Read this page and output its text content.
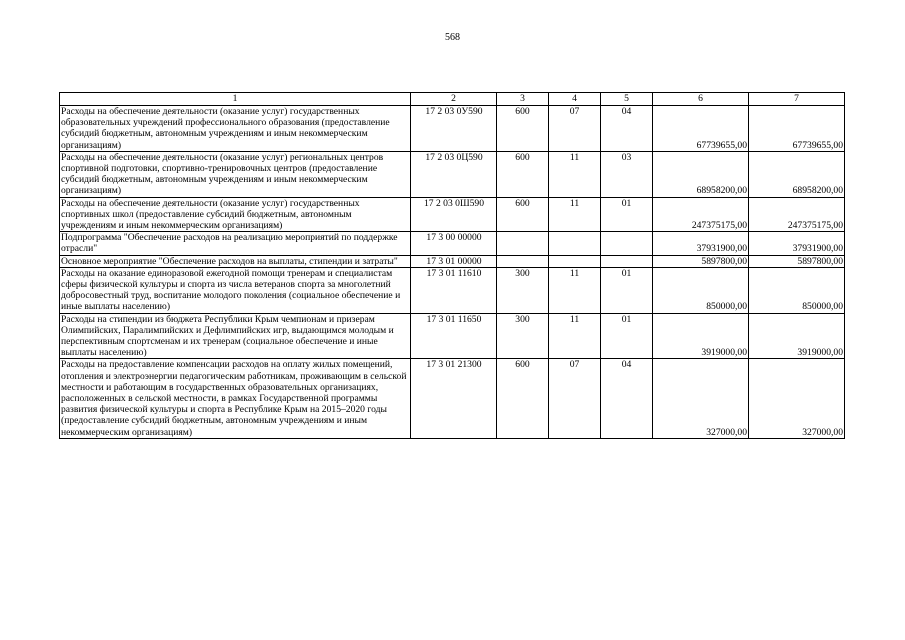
568
1	2	3	4	5	6	7
Расходы на обеспечение деятельности (оказание услуг) государственных образовательных учреждений профессионального образования (предоставление субсидий бюджетным, автономным учреждениям и иным некоммерческим организациям)	17 2 03 0У590	600	07	04	67739655,00	67739655,00
Расходы на обеспечение деятельности (оказание услуг) региональных центров спортивной подготовки, спортивно-тренировочных центров (предоставление субсидий бюджетным, автономным учреждениям и иным некоммерческим организациям)	17 2 03 0Ц590	600	11	03	68958200,00	68958200,00
Расходы на обеспечение деятельности (оказание услуг) государственных спортивных школ (предоставление субсидий бюджетным, автономным учреждениям и иным некоммерческим организациям)	17 2 03 0Ш590	600	11	01	247375175,00	247375175,00
Подпрограмма "Обеспечение расходов на реализацию мероприятий по поддержке отрасли"	17 3 00 00000				37931900,00	37931900,00
Основное мероприятие "Обеспечение расходов на выплаты, стипендии и затраты"	17 3 01 00000				5897800,00	5897800,00
Расходы на оказание единоразовой ежегодной помощи тренерам и специалистам сферы физической культуры и спорта из числа ветеранов спорта за многолетний добросовестный труд, воспитание молодого поколения (социальное обеспечение и иные выплаты населению)	17 3 01 11610	300	11	01	850000,00	850000,00
Расходы на стипендии из бюджета Республики Крым чемпионам и призерам Олимпийских, Паралимпийских и Дефлимпийских игр, выдающимся молодым и перспективным спортсменам и их тренерам (социальное обеспечение и иные выплаты населению)	17 3 01 11650	300	11	01	3919000,00	3919000,00
Расходы на предоставление компенсации расходов на оплату жилых помещений, отопления и электроэнергии педагогическим работникам, проживающим в сельской местности и работающим в государственных образовательных организациях, расположенных в сельской местности, в рамках Государственной программы развития физической культуры и спорта в Республике Крым на 2015–2020 годы (предоставление субсидий бюджетным, автономным учреждениям и иным некоммерческим организациям)	17 3 01 21300	600	07	04	327000,00	327000,00
